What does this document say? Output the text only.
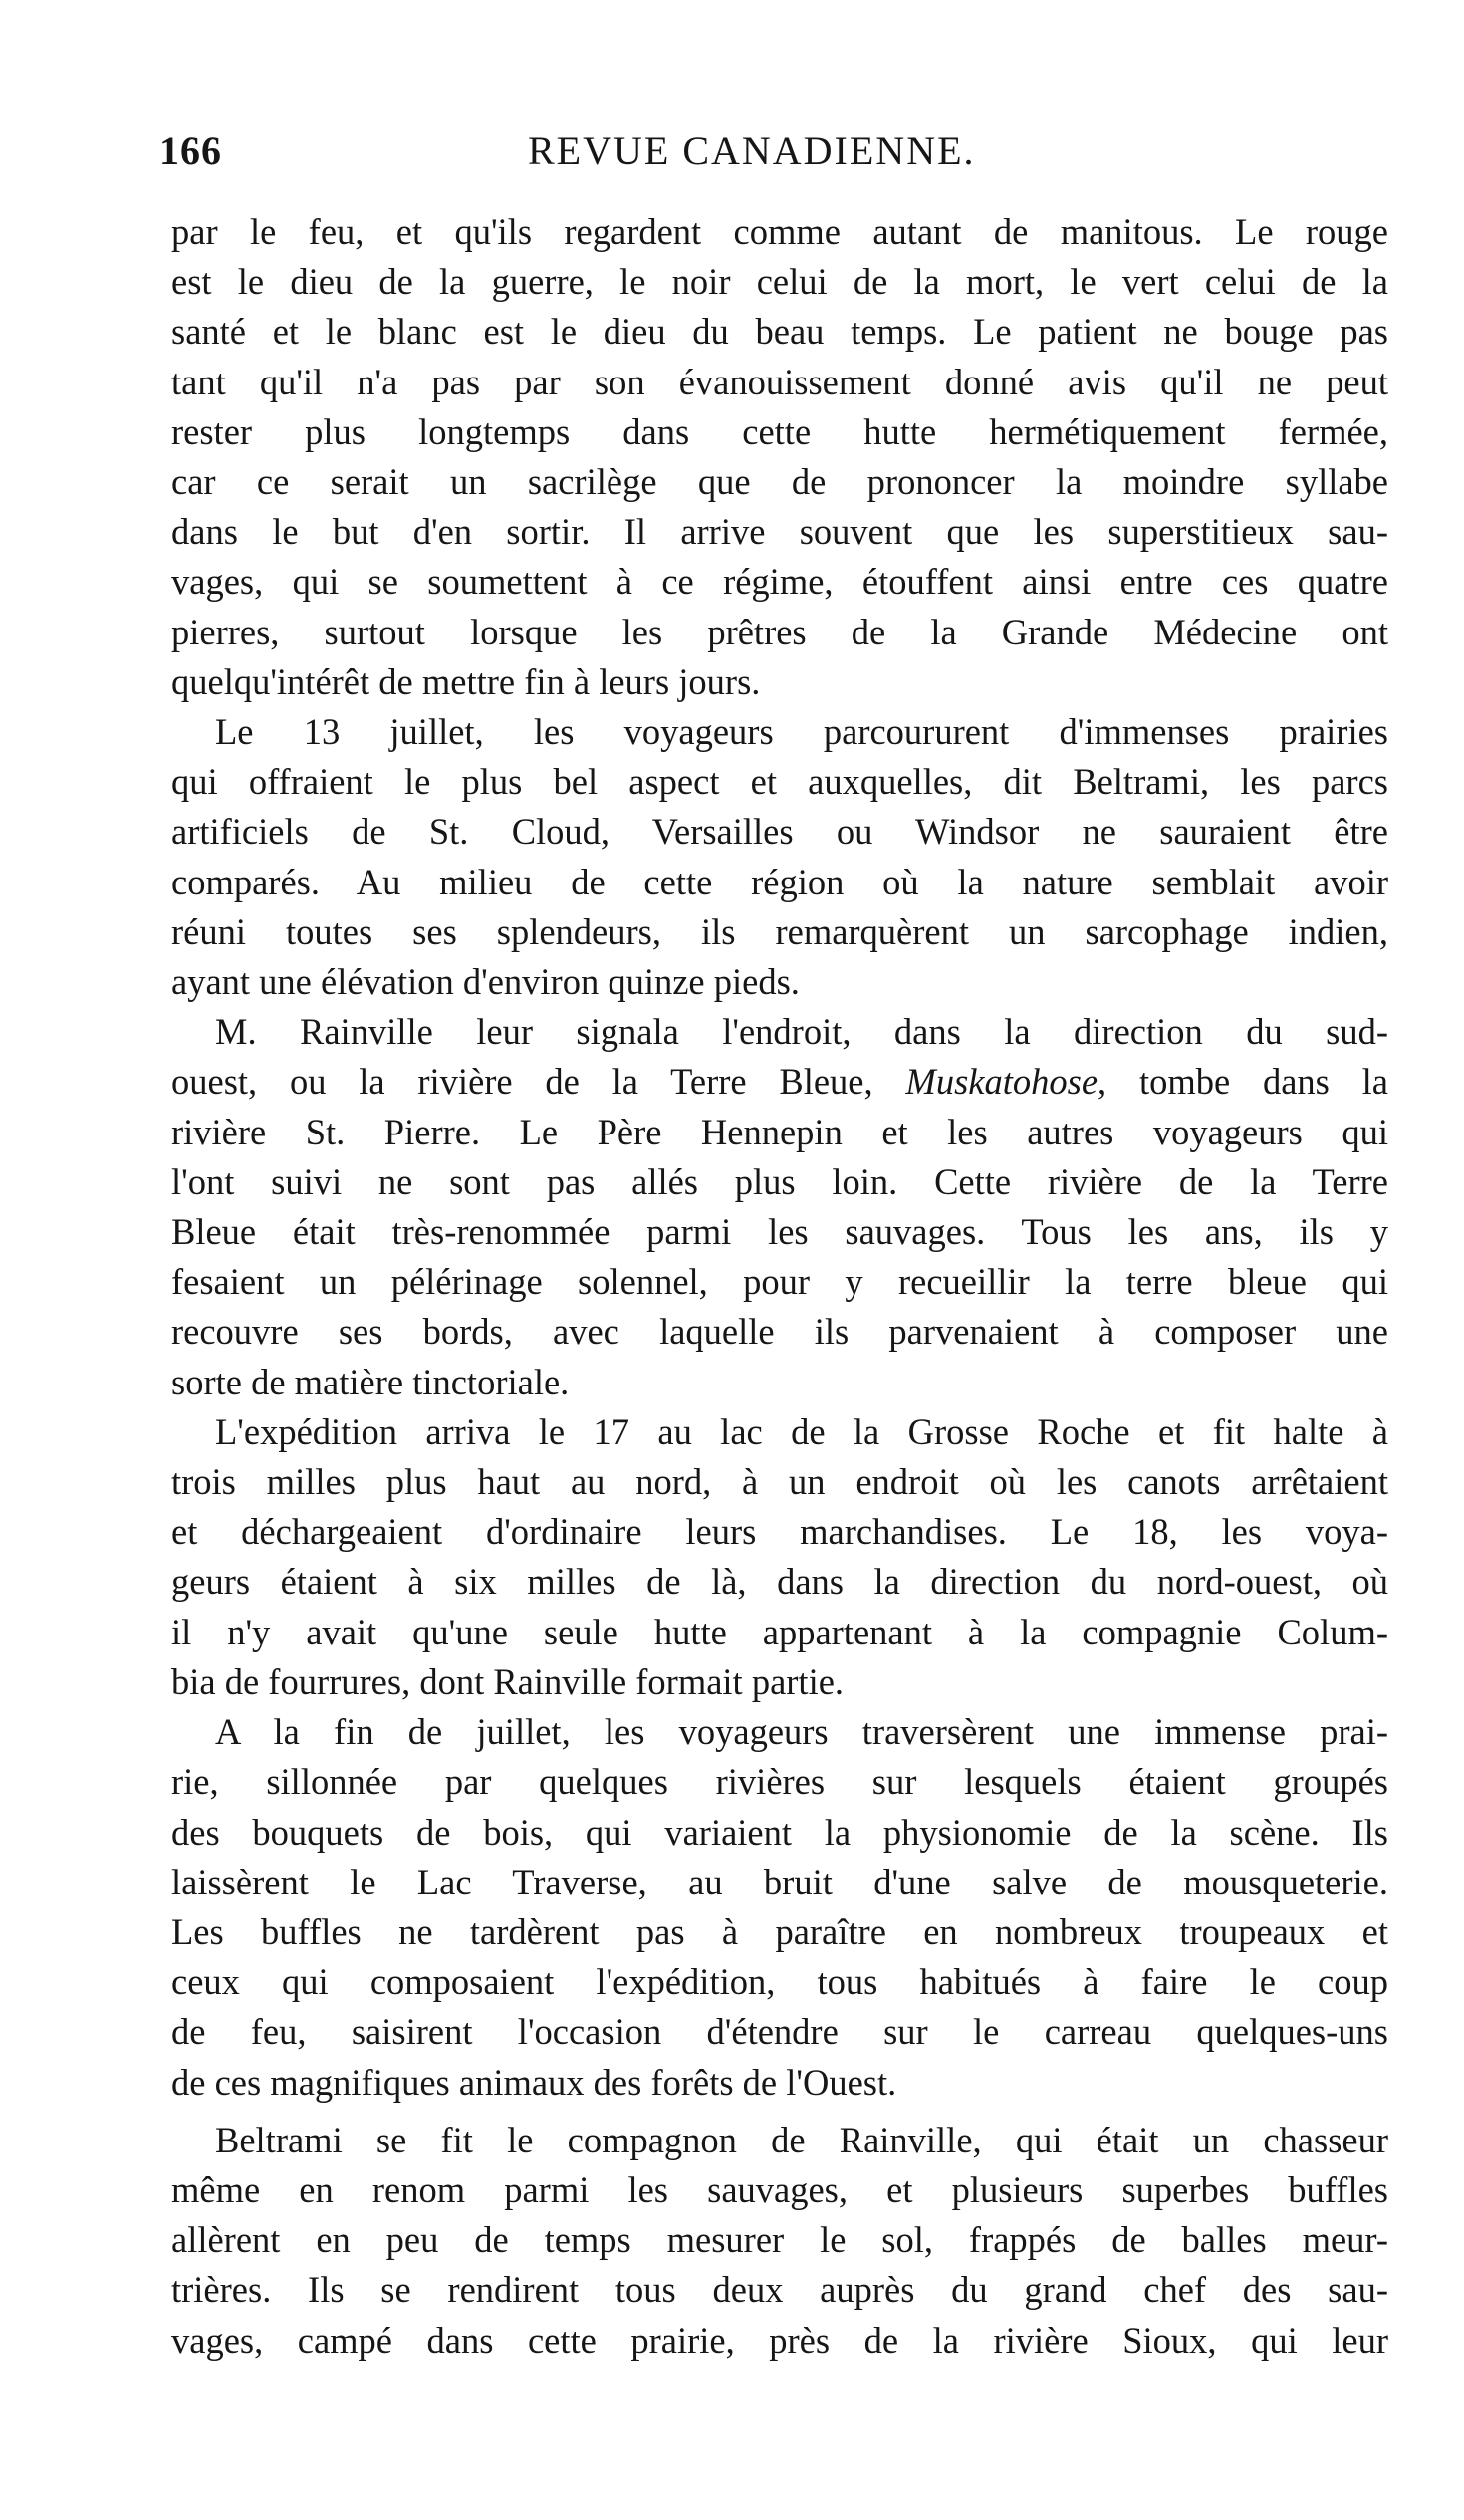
166	REVUE CANADIENNE.
par le feu, et qu'ils regardent comme autant de manitous. Le rouge
est le dieu de la guerre, le noir celui de la mort, le vert celui de la
santé et le blanc est le dieu du beau temps. Le patient ne bouge pas
tant qu'il n'a pas par son évanouissement donné avis qu'il ne peut
rester plus longtemps dans cette hutte hermétiquement fermée,
car ce serait un sacrilège que de prononcer la moindre syllabe
dans le but d'en sortir. Il arrive souvent que les superstitieux sau-
vages, qui se soumettent à ce régime, étouffent ainsi entre ces quatre
pierres, surtout lorsque les prêtres de la Grande Médecine ont
quelqu'intérêt de mettre fin à leurs jours.
Le 13 juillet, les voyageurs parcoururent d'immenses prairies
qui offraient le plus bel aspect et auxquelles, dit Beltrami, les parcs
artificiels de St. Cloud, Versailles ou Windsor ne sauraient être
comparés. Au milieu de cette région où la nature semblait avoir
réuni toutes ses splendeurs, ils remarquèrent un sarcophage indien,
ayant une élévation d'environ quinze pieds.
M. Rainville leur signala l'endroit, dans la direction du sud-
ouest, ou la rivière de la Terre Bleue, Muskatohose, tombe dans la
rivière St. Pierre. Le Père Hennepin et les autres voyageurs qui
l'ont suivi ne sont pas allés plus loin. Cette rivière de la Terre
Bleue était très-renommée parmi les sauvages. Tous les ans, ils y
fesaient un pélérinage solennel, pour y recueillir la terre bleue qui
recouvre ses bords, avec laquelle ils parvenaient à composer une
sorte de matière tinctoriale.
L'expédition arriva le 17 au lac de la Grosse Roche et fit halte à
trois milles plus haut au nord, à un endroit où les canots arrêtaient
et déchargeaient d'ordinaire leurs marchandises. Le 18, les voya-
geurs étaient à six milles de là, dans la direction du nord-ouest, où
il n'y avait qu'une seule hutte appartenant à la compagnie Colum-
bia de fourrures, dont Rainville formait partie.
A la fin de juillet, les voyageurs traversèrent une immense prai-
rie, sillonnée par quelques rivières sur lesquels étaient groupés
des bouquets de bois, qui variaient la physionomie de la scène. Ils
laissèrent le Lac Traverse, au bruit d'une salve de mousqueterie.
Les buffles ne tardèrent pas à paraître en nombreux troupeaux et
ceux qui composaient l'expédition, tous habitués à faire le coup
de feu, saisirent l'occasion d'étendre sur le carreau quelques-uns
de ces magnifiques animaux des forêts de l'Ouest.
Beltrami se fit le compagnon de Rainville, qui était un chasseur
même en renom parmi les sauvages, et plusieurs superbes buffles
allèrent en peu de temps mesurer le sol, frappés de balles meur-
trières. Ils se rendirent tous deux auprès du grand chef des sau-
vages, campé dans cette prairie, près de la rivière Sioux, qui leur
